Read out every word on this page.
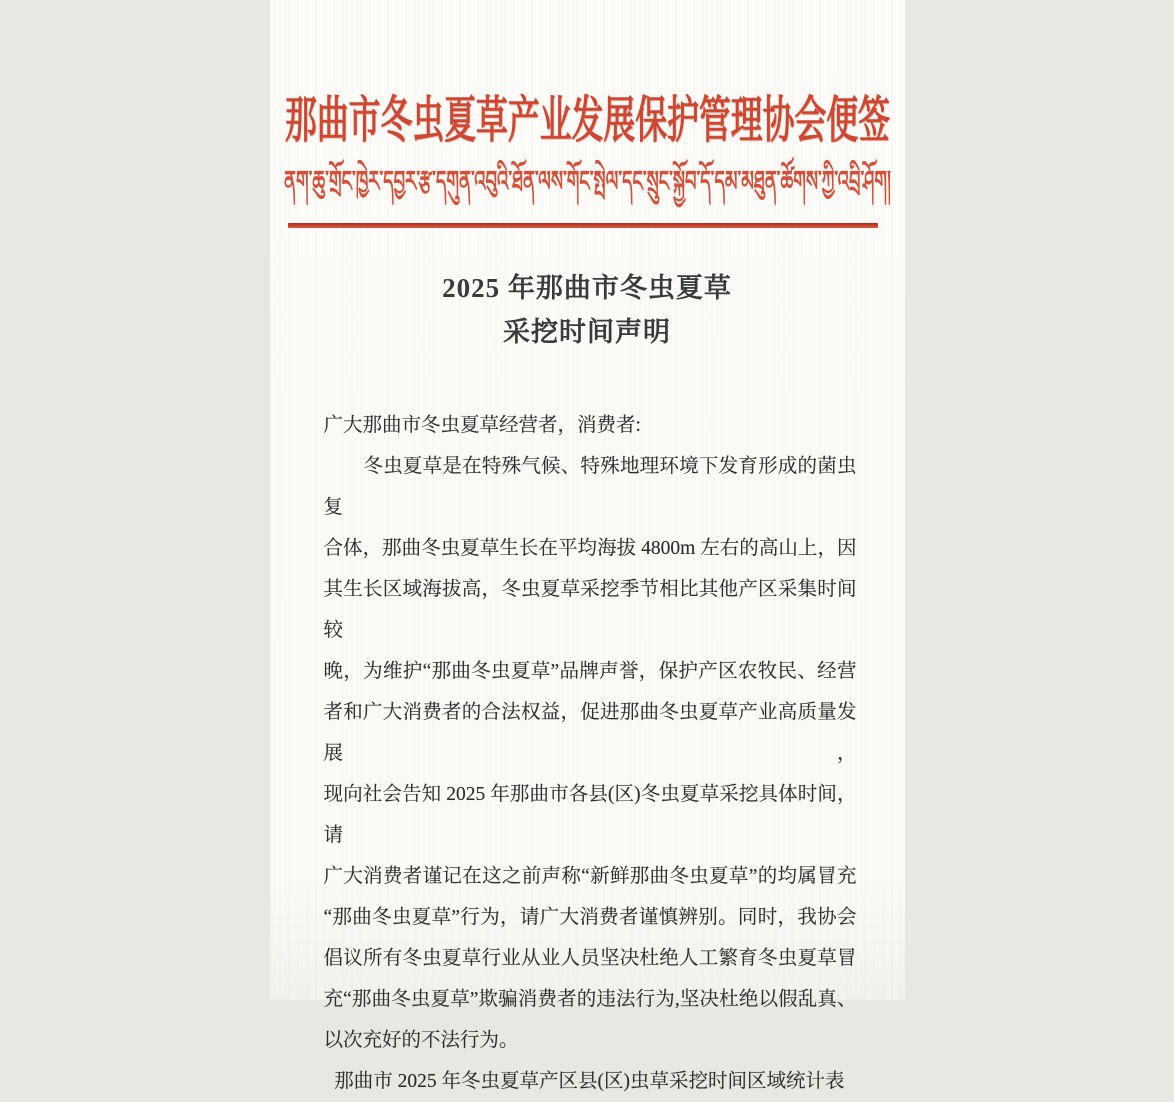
那曲市冬虫夏草产业发展保护管理协会便签
ནག་ཆུ་གྲོང་ཁྱེར་དབྱར་རྩ་དགུན་འབུའི་ཐོན་ལས་གོང་སྤེལ་དང་སྲུང་སྐྱོབ་དོ་དམ་མཐུན་ཚོགས་ཀྱི་འབྲི་ཤོག།
2025 年那曲市冬虫夏草
采挖时间声明

广大那曲市冬虫夏草经营者，消费者:

冬虫夏草是在特殊气候、特殊地理环境下发育形成的菌虫复

合体，那曲冬虫夏草生长在平均海拔 4800m 左右的高山上，因

其生长区域海拔高，冬虫夏草采挖季节相比其他产区采集时间较

晚，为维护“那曲冬虫夏草”品牌声誉，保护产区农牧民、经营

者和广大消费者的合法权益，促进那曲冬虫夏草产业高质量发展，

现向社会告知 2025 年那曲市各县(区)冬虫夏草采挖具体时间，请

广大消费者谨记在这之前声称“新鲜那曲冬虫夏草”的均属冒充

“那曲冬虫夏草”行为，请广大消费者谨慎辨别。同时，我协会

倡议所有冬虫夏草行业从业人员坚决杜绝人工繁育冬虫夏草冒

充“那曲冬虫夏草”欺骗消费者的违法行为,坚决杜绝以假乱真、

以次充好的不法行为。

那曲市 2025 年冬虫夏草产区县(区)虫草采挖时间区域统计表
